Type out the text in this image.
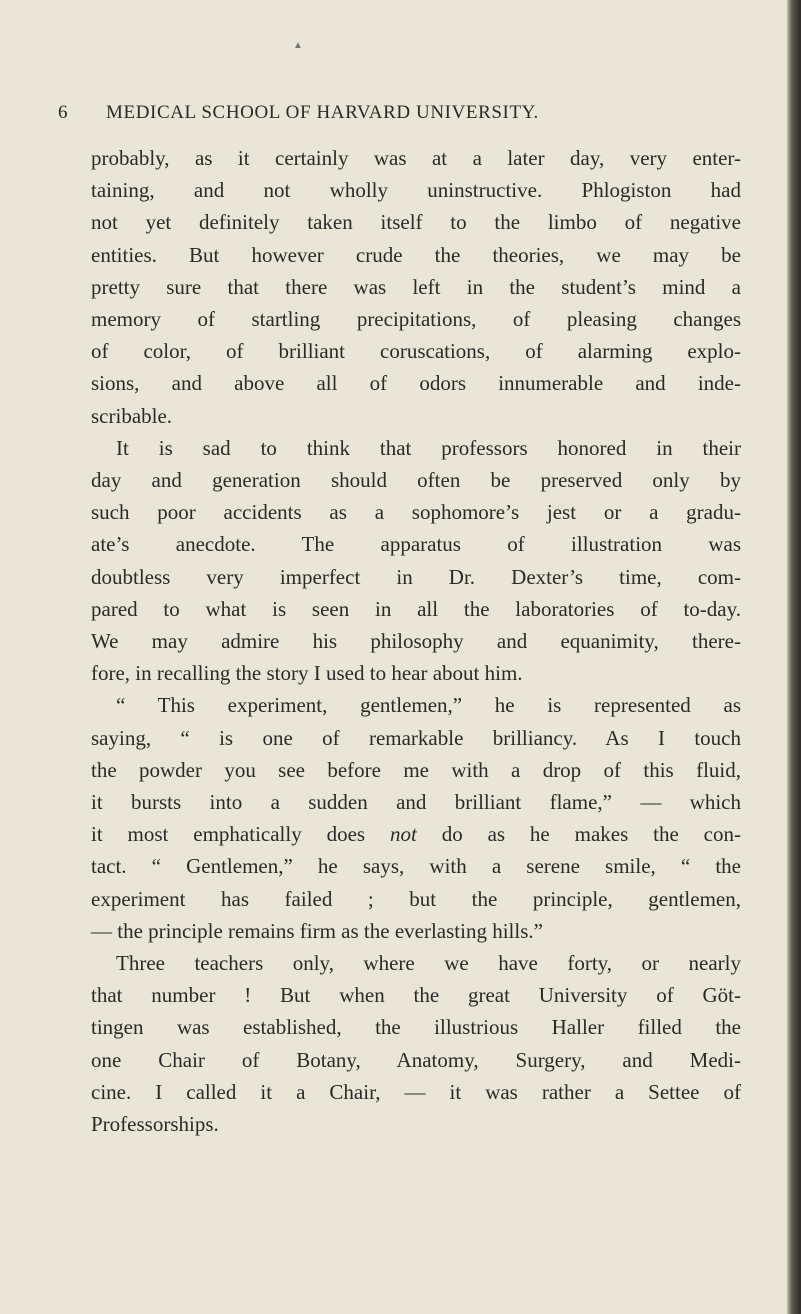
▲
6 MEDICAL SCHOOL OF HARVARD UNIVERSITY.
probably, as it certainly was at a later day, very enter-
taining, and not wholly uninstructive. Phlogiston had
not yet definitely taken itself to the limbo of negative
entities. But however crude the theories, we may be
pretty sure that there was left in the student’s mind a
memory of startling precipitations, of pleasing changes
of color, of brilliant coruscations, of alarming explo-
sions, and above all of odors innumerable and inde-
scribable.
It is sad to think that professors honored in their
day and generation should often be preserved only by
such poor accidents as a sophomore’s jest or a gradu-
ate’s anecdote. The apparatus of illustration was
doubtless very imperfect in Dr. Dexter’s time, com-
pared to what is seen in all the laboratories of to-day.
We may admire his philosophy and equanimity, there-
fore, in recalling the story I used to hear about him.
“ This experiment, gentlemen,” he is represented as
saying, “ is one of remarkable brilliancy. As I touch
the powder you see before me with a drop of this fluid,
it bursts into a sudden and brilliant flame,” — which
it most emphatically does not do as he makes the con-
tact. “ Gentlemen,” he says, with a serene smile, “ the
experiment has failed ; but the principle, gentlemen,
— the principle remains firm as the everlasting hills.”
Three teachers only, where we have forty, or nearly
that number ! But when the great University of Göt-
tingen was established, the illustrious Haller filled the
one Chair of Botany, Anatomy, Surgery, and Medi-
cine. I called it a Chair, — it was rather a Settee of
Professorships.
